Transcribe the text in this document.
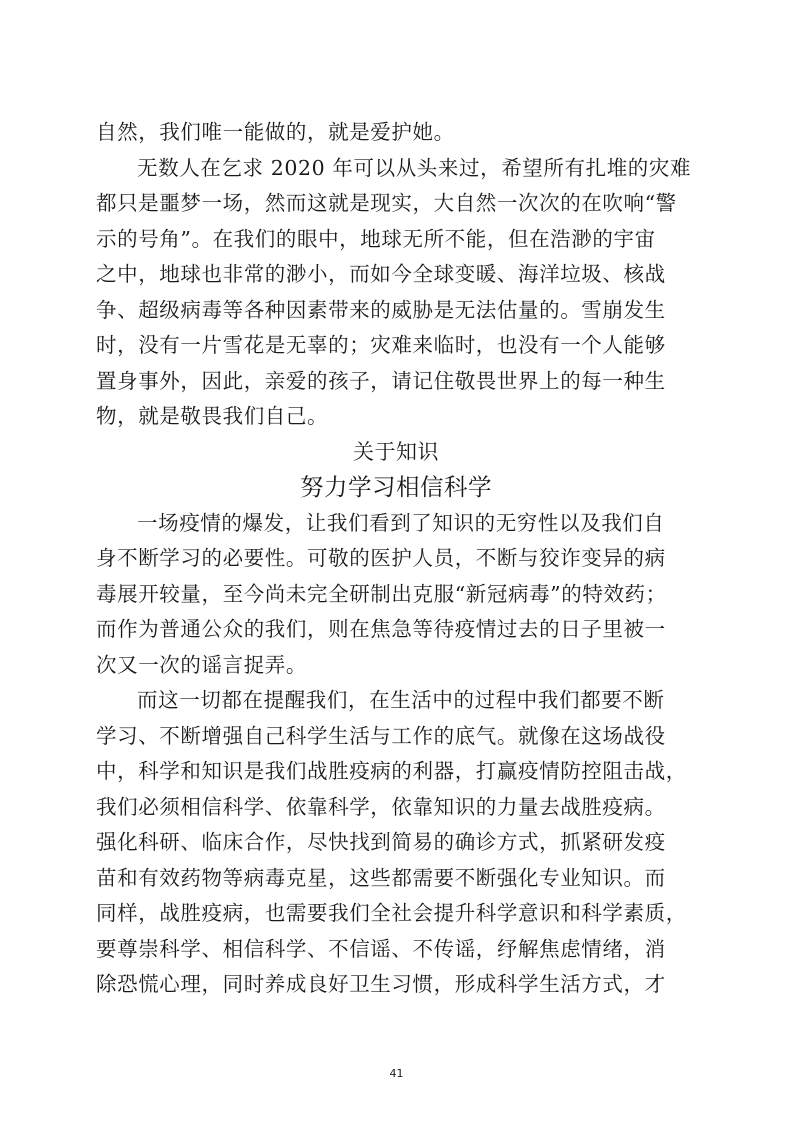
自然，我们唯一能做的，就是爱护她。
无数人在乞求 2020 年可以从头来过，希望所有扎堆的灾难
都只是噩梦一场，然而这就是现实，大自然一次次的在吹响“警
示的号角”。在我们的眼中，地球无所不能，但在浩渺的宇宙
之中，地球也非常的渺小，而如今全球变暖、海洋垃圾、核战
争、超级病毒等各种因素带来的威胁是无法估量的。雪崩发生
时，没有一片雪花是无辜的；灾难来临时，也没有一个人能够
置身事外，因此，亲爱的孩子，请记住敬畏世界上的每一种生
物，就是敬畏我们自己。
关于知识
努力学习相信科学
一场疫情的爆发，让我们看到了知识的无穷性以及我们自
身不断学习的必要性。可敬的医护人员，不断与狡诈变异的病
毒展开较量，至今尚未完全研制出克服“新冠病毒”的特效药；
而作为普通公众的我们，则在焦急等待疫情过去的日子里被一
次又一次的谣言捉弄。
而这一切都在提醒我们，在生活中的过程中我们都要不断
学习、不断增强自己科学生活与工作的底气。就像在这场战役
中，科学和知识是我们战胜疫病的利器，打赢疫情防控阻击战，
我们必须相信科学、依靠科学，依靠知识的力量去战胜疫病。
强化科研、临床合作，尽快找到简易的确诊方式，抓紧研发疫
苗和有效药物等病毒克星，这些都需要不断强化专业知识。而
同样，战胜疫病，也需要我们全社会提升科学意识和科学素质，
要尊崇科学、相信科学、不信谣、不传谣，纾解焦虑情绪，消
除恐慌心理，同时养成良好卫生习惯，形成科学生活方式，才
41
